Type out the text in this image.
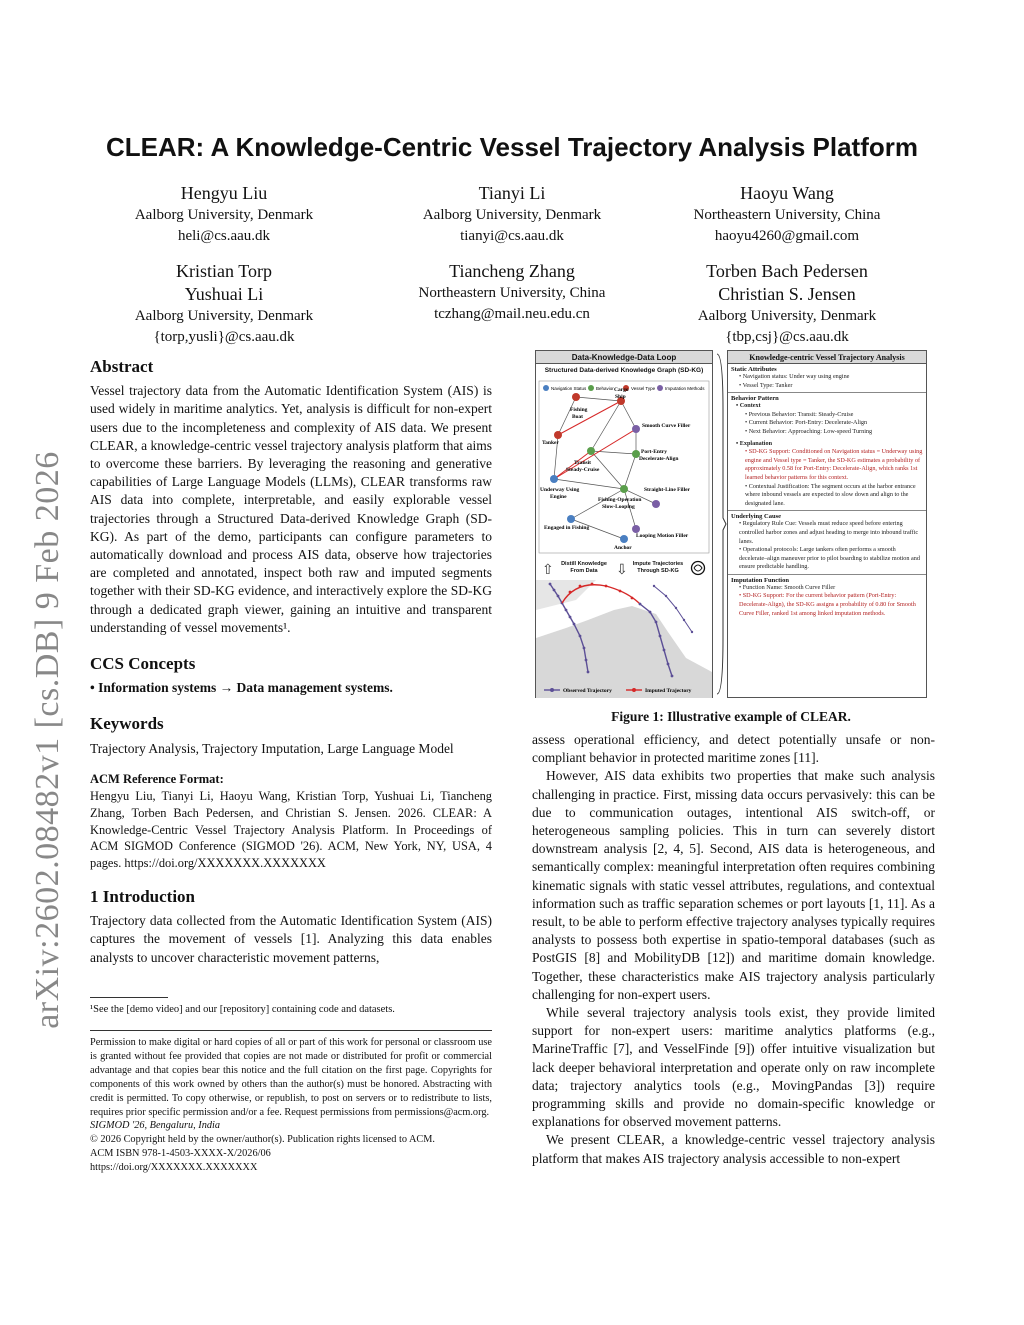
arXiv:2602.08482v1 [cs.DB] 9 Feb 2026
CLEAR: A Knowledge-Centric Vessel Trajectory Analysis Platform
Hengyu Liu
Aalborg University, Denmark
heli@cs.aau.dk
Tianyi Li
Aalborg University, Denmark
tianyi@cs.aau.dk
Haoyu Wang
Northeastern University, China
haoyu4260@gmail.com
Kristian Torp
Yushuai Li
Aalborg University, Denmark
{torp,yusli}@cs.aau.dk
Tiancheng Zhang
Northeastern University, China
tczhang@mail.neu.edu.cn
Torben Bach Pedersen
Christian S. Jensen
Aalborg University, Denmark
{tbp,csj}@cs.aau.dk
Abstract

Vessel trajectory data from the Automatic Identification System (AIS) is used widely in maritime analytics. Yet, analysis is difficult for non-expert users due to the incompleteness and complexity of AIS data. We present CLEAR, a knowledge-centric vessel trajectory analysis platform that aims to overcome these barriers. By leveraging the reasoning and generative capabilities of Large Language Models (LLMs), CLEAR transforms raw AIS data into complete, interpretable, and easily explorable vessel trajectories through a Structured Data-derived Knowledge Graph (SD-KG). As part of the demo, participants can configure parameters to automatically download and process AIS data, observe how trajectories are completed and annotated, inspect both raw and imputed segments together with their SD-KG evidence, and interactively explore the SD-KG through a dedicated graph viewer, gaining an intuitive and transparent understanding of vessel movements¹.

CCS Concepts

• Information systems → Data management systems.

Keywords

Trajectory Analysis, Trajectory Imputation, Large Language Model

ACM Reference Format:

Hengyu Liu, Tianyi Li, Haoyu Wang, Kristian Torp, Yushuai Li, Tiancheng Zhang, Torben Bach Pedersen, and Christian S. Jensen. 2026. CLEAR: A Knowledge-Centric Vessel Trajectory Analysis Platform. In Proceedings of ACM SIGMOD Conference (SIGMOD '26). ACM, New York, NY, USA, 4 pages. https://doi.org/XXXXXXX.XXXXXXX

1 Introduction

Trajectory data collected from the Automatic Identification System (AIS) captures the movement of vessels [1]. Analyzing this data enables analysts to uncover characteristic movement patterns,

¹See the [demo video] and our [repository] containing code and datasets.
Permission to make digital or hard copies of all or part of this work for personal or classroom use is granted without fee provided that copies are not made or distributed for profit or commercial advantage and that copies bear this notice and the full citation on the first page. Copyrights for components of this work owned by others than the author(s) must be honored. Abstracting with credit is permitted. To copy otherwise, or republish, to post on servers or to redistribute to lists, requires prior specific permission and/or a fee. Request permissions from permissions@acm.org.
SIGMOD '26, Bengaluru, India
© 2026 Copyright held by the owner/author(s). Publication rights licensed to ACM.
ACM ISBN 978-1-4503-XXXX-X/2026/06
https://doi.org/XXXXXXX.XXXXXXX
Data-Knowledge-Data Loop
Structured Data-derived Knowledge Graph (SD-KG)
Navigation Status Behavior	Vessel Type Imputation Methods
Fishing
Boat
Cargo
Ship
Smooth Curve Filler
Tanker
Transit
Steady-Cruise
Port-Entry
Decelerate-Align
Underway Using
Engine	Fishing-Operation
Slow-Looping
Straight-Line Filler
Engaged in Fishing
Looping Motion Filler
Anchor
⇧ Distill Knowledge From Data	⇩ Impute Trajectories Through SD-KG
Observed Trajectory	Imputed Trajectory
Knowledge-centric Vessel Trajectory Analysis
Static Attributes
• Navigation status: Under way using engine
• Vessel Type: Tanker
Behavior Pattern
• Context
• Previous Behavior: Transit: Steady-Cruise
• Current Behavior: Port-Entry: Decelerate-Align
• Next Behavior: Approaching: Low-speed Turning
• Explanation
• SD-KG Support: Conditioned on Navigation status = Underway using engine and Vessel type = Tanker, the SD-KG estimates a probability of approximately 0.58 for Port-Entry: Decelerate-Align, which ranks 1st learned behavior patterns for this context.
• Contextual Justification: The segment occurs at the harbor entrance where inbound vessels are expected to slow down and align to the designated lane.
Underlying Cause
• Regulatory Rule Cue: Vessels must reduce speed before entering controlled harbor zones and adjust heading to merge into inbound traffic lanes.
• Operational protocols: Large tankers often performs a smooth decelerate–align maneuver prior to pilot boarding to stabilize motion and ensure predictable handling.
Imputation Function
• Function Name: Smooth Curve Filler
• SD-KG Support: For the current behavior pattern (Port-Entry: Decelerate-Align), the SD-KG assigns a probability of 0.80 for Smooth Curve Filler, ranked 1st among linked imputation methods.
Figure 1: Illustrative example of CLEAR.

assess operational efficiency, and detect potentially unsafe or non-compliant behavior in protected maritime zones [11].

However, AIS data exhibits two properties that make such analysis challenging in practice. First, missing data occurs pervasively: this can be due to communication outages, intentional AIS switch-off, or heterogeneous sampling policies. This in turn can severely distort downstream analysis [2, 4, 5]. Second, AIS data is heterogeneous, and semantically complex: meaningful interpretation often requires combining kinematic signals with static vessel attributes, regulations, and contextual information such as traffic separation schemes or port layouts [1, 11]. As a result, to be able to perform effective trajectory analyses typically requires analysts to possess both expertise in spatio-temporal databases (such as PostGIS [8] and MobilityDB [12]) and maritime domain knowledge. Together, these characteristics make AIS trajectory analysis particularly challenging for non-expert users.

While several trajectory analysis tools exist, they provide limited support for non-expert users: maritime analytics platforms (e.g., MarineTraffic [7], and VesselFinde [9]) offer intuitive visualization but lack deeper behavioral interpretation and operate only on raw incomplete data; trajectory analytics tools (e.g., MovingPandas [3]) require programming skills and provide no domain-specific knowledge or explanations for observed movement patterns.

We present CLEAR, a knowledge-centric vessel trajectory analysis platform that makes AIS trajectory analysis accessible to non-expert
